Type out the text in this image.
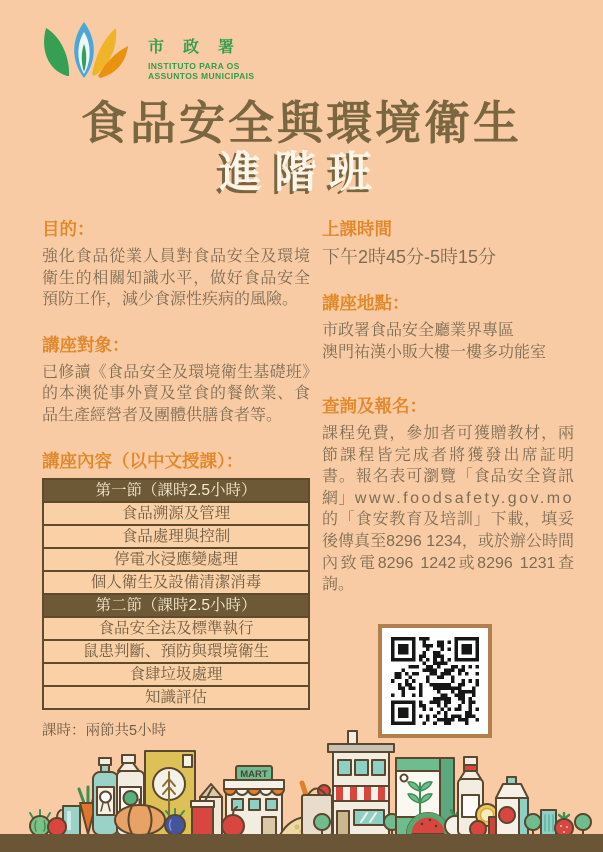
市政署
INSTITUTO PARA OS
ASSUNTOS MUNICIPAIS
食品安全與環境衛生
進階班
目的：

強化食品從業人員對食品安全及環境衛生的相關知識水平，做好食品安全預防工作，減少食源性疾病的風險。

講座對象：

已修讀《食品安全及環境衛生基礎班》的本澳從事外賣及堂食的餐飲業、食品生產經營者及團體供膳食者等。

講座內容（以中文授課）：
第一節（課時2.5小時）
食品溯源及管理
食品處理與控制
停電水浸應變處理
個人衛生及設備清潔消毒
第二節（課時2.5小時）
食品安全法及標準執行
鼠患判斷、預防與環境衛生
食肆垃圾處理
知識評估
課時：兩節共5小時
上課時間

下午2時45分-5時15分

講座地點：
市政署食品安全廳業界專區
澳門祐漢小販大樓一樓多功能室
查詢及報名：

課程免費，參加者可獲贈教材，兩節課程皆完成者將獲發出席証明書。報名表可瀏覽「食品安全資訊網」www.foodsafety.gov.mo的「食安教育及培訓」下載，填妥後傳真至8296 1234，或於辦公時間內致電8296 1242或8296 1231查詢。

MART
